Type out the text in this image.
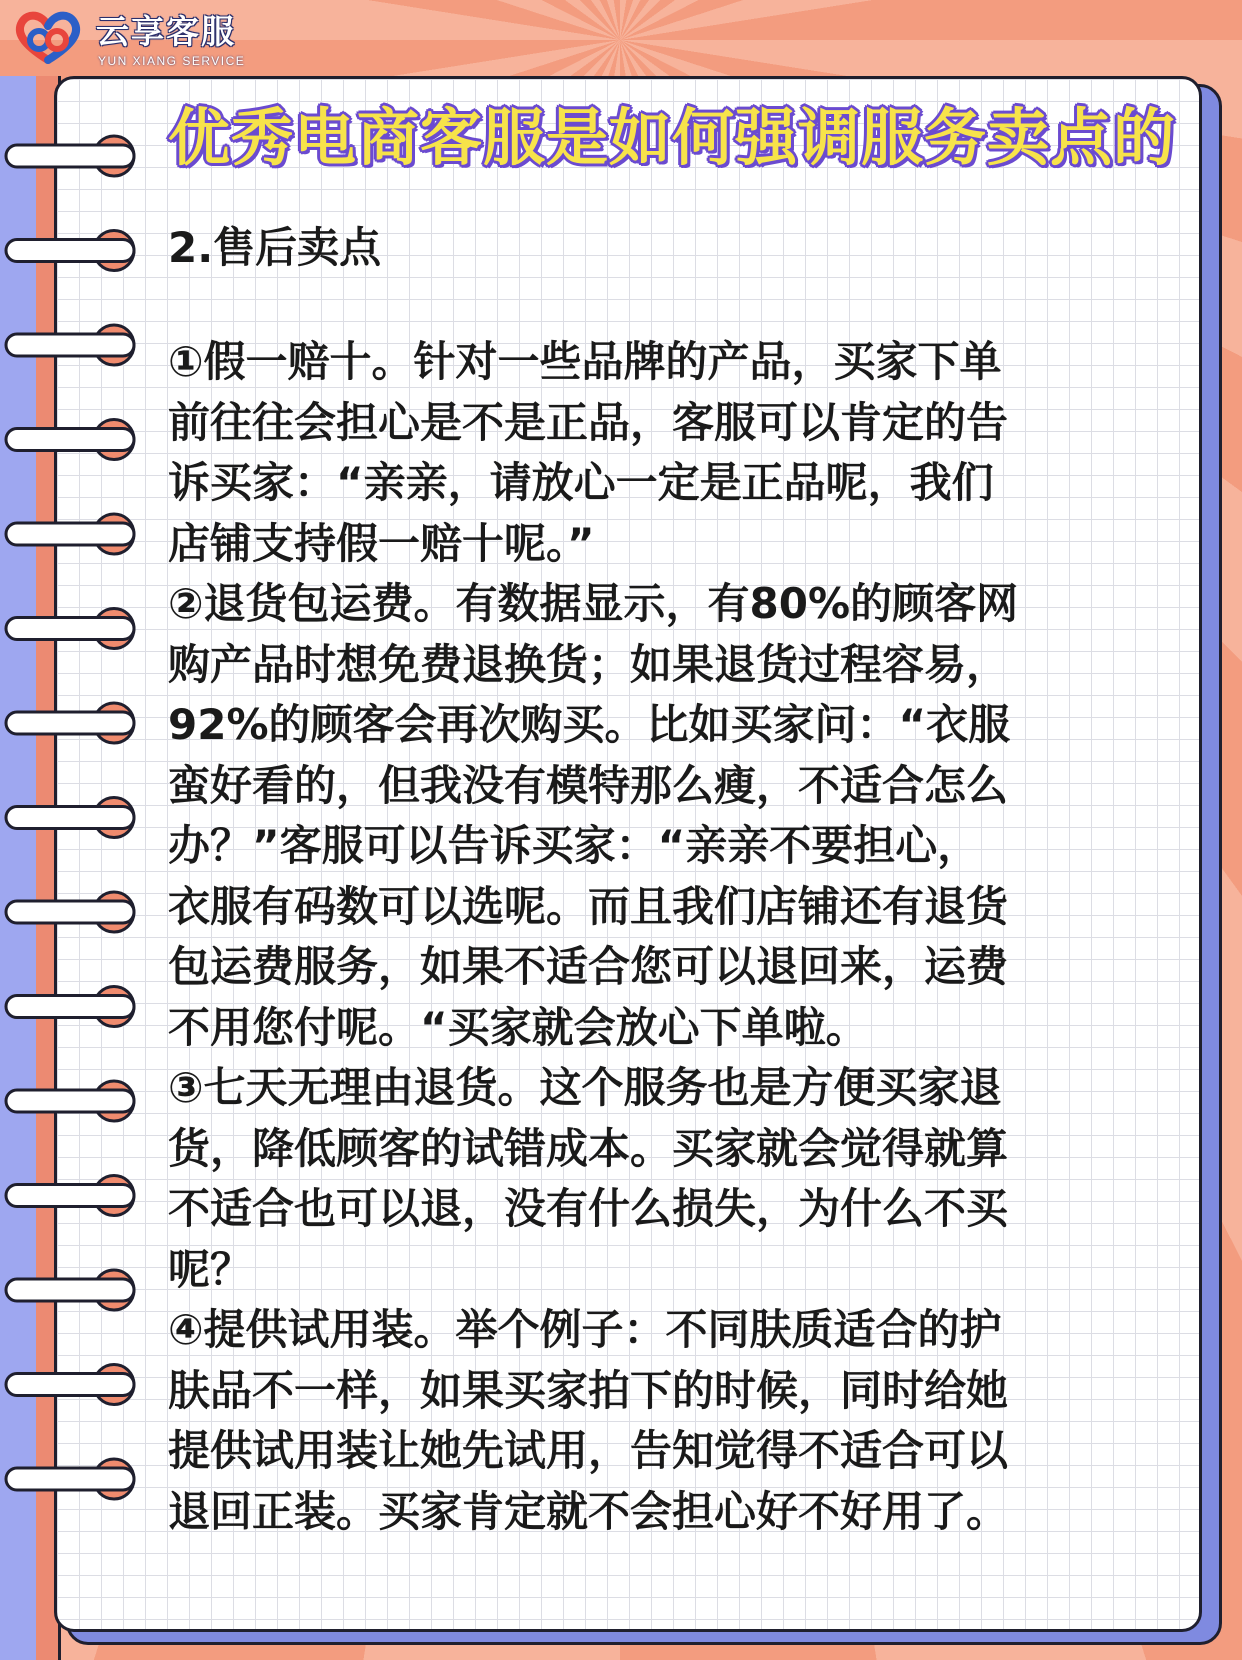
云享客服
YUN XIANG SERVICE
优秀电商客服是如何强调服务卖点的
2.售后卖点
①假一赔十。针对一些品牌的产品，买家下单
前往往会担心是不是正品，客服可以肯定的告
诉买家：“亲亲，请放心一定是正品呢，我们
店铺支持假一赔十呢。”
②退货包运费。有数据显示，有80%的顾客网
购产品时想免费退换货；如果退货过程容易，
92%的顾客会再次购买。比如买家问：“衣服
蛮好看的，但我没有模特那么瘦，不适合怎么
办？”客服可以告诉买家：“亲亲不要担心，
衣服有码数可以选呢。而且我们店铺还有退货
包运费服务，如果不适合您可以退回来，运费
不用您付呢。“买家就会放心下单啦。
③七天无理由退货。这个服务也是方便买家退
货，降低顾客的试错成本。买家就会觉得就算
不适合也可以退，没有什么损失，为什么不买
呢？
④提供试用装。举个例子：不同肤质适合的护
肤品不一样，如果买家拍下的时候，同时给她
提供试用装让她先试用，告知觉得不适合可以
退回正装。买家肯定就不会担心好不好用了。
